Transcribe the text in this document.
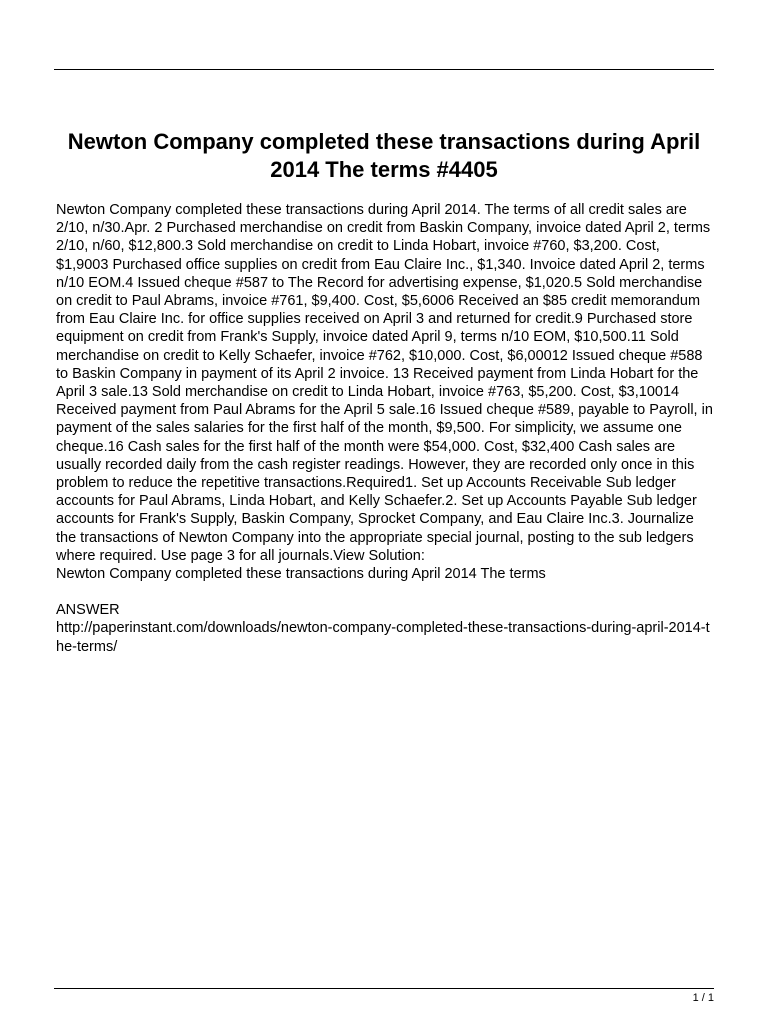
Newton Company completed these transactions during April 2014 The terms #4405

Newton Company completed these transactions during April 2014. The terms of all credit sales are 2/10, n/30.Apr. 2 Purchased merchandise on credit from Baskin Company, invoice dated April 2, terms 2/10, n/60, $12,800.3 Sold merchandise on credit to Linda Hobart, invoice #760, $3,200. Cost, $1,9003 Purchased office supplies on credit from Eau Claire Inc., $1,340. Invoice dated April 2, terms n/10 EOM.4 Issued cheque #587 to The Record for advertising expense, $1,020.5 Sold merchandise on credit to Paul Abrams, invoice #761, $9,400. Cost, $5,6006 Received an $85 credit memorandum from Eau Claire Inc. for office supplies received on April 3 and returned for credit.9 Purchased store equipment on credit from Frank's Supply, invoice dated April 9, terms n/10 EOM, $10,500.11 Sold merchandise on credit to Kelly Schaefer, invoice #762, $10,000. Cost, $6,00012 Issued cheque #588 to Baskin Company in payment of its April 2 invoice. 13 Received payment from Linda Hobart for the April 3 sale.13 Sold merchandise on credit to Linda Hobart, invoice #763, $5,200. Cost, $3,10014 Received payment from Paul Abrams for the April 5 sale.16 Issued cheque #589, payable to Payroll, in payment of the sales salaries for the first half of the month, $9,500. For simplicity, we assume one cheque.16 Cash sales for the first half of the month were $54,000. Cost, $32,400 Cash sales are usually recorded daily from the cash register readings. However, they are recorded only once in this problem to reduce the repetitive transactions.Required1. Set up Accounts Receivable Sub ledger accounts for Paul Abrams, Linda Hobart, and Kelly Schaefer.2. Set up Accounts Payable Sub ledger accounts for Frank's Supply, Baskin Company, Sprocket Company, and Eau Claire Inc.3. Journalize the transactions of Newton Company into the appropriate special journal, posting to the sub ledgers where required. Use page 3 for all journals.View Solution:

Newton Company completed these transactions during April 2014 The terms

ANSWER

http://paperinstant.com/downloads/newton-company-completed-these-transactions-during-april-2014-the-terms/

1 / 1
